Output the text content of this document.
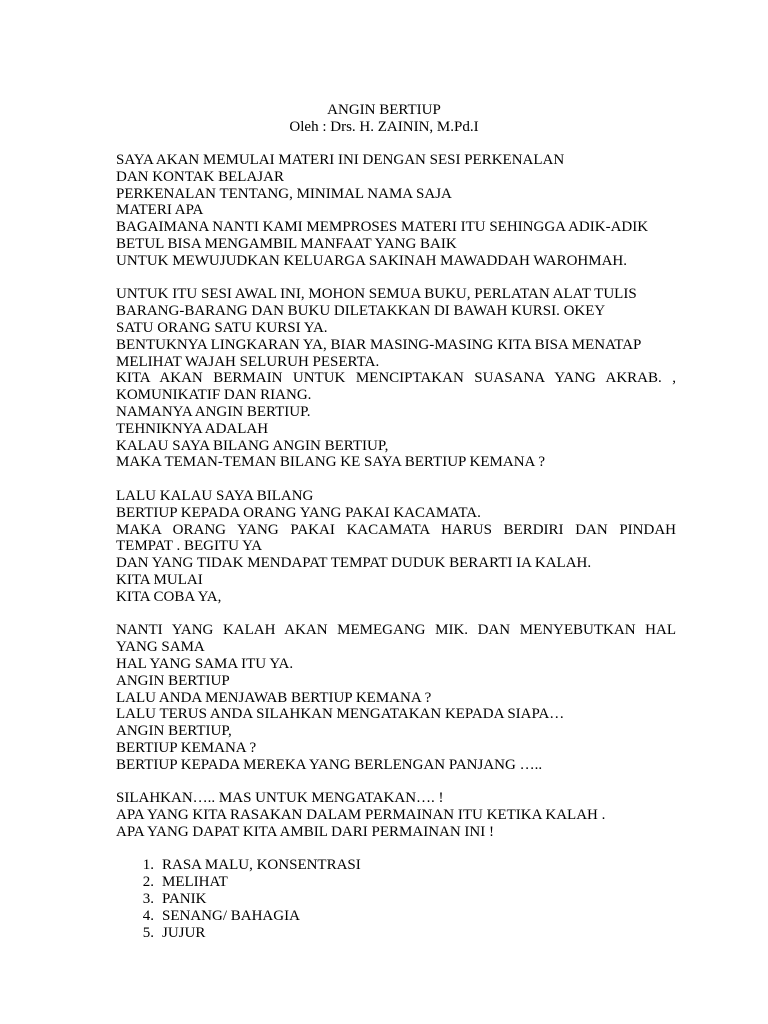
ANGIN BERTIUP
Oleh : Drs. H. ZAININ, M.Pd.I
SAYA AKAN MEMULAI MATERI INI DENGAN SESI PERKENALAN
DAN KONTAK BELAJAR
PERKENALAN TENTANG, MINIMAL NAMA SAJA
MATERI APA
BAGAIMANA NANTI KAMI MEMPROSES MATERI ITU SEHINGGA ADIK-ADIK
BETUL BISA MENGAMBIL MANFAAT YANG BAIK
UNTUK MEWUJUDKAN KELUARGA SAKINAH MAWADDAH WAROHMAH.
UNTUK ITU SESI AWAL INI, MOHON SEMUA BUKU, PERLATAN ALAT TULIS
BARANG-BARANG DAN BUKU DILETAKKAN DI BAWAH KURSI. OKEY
SATU ORANG SATU KURSI YA.
BENTUKNYA LINGKARAN YA, BIAR MASING-MASING KITA BISA MENATAP
MELIHAT WAJAH SELURUH PESERTA.
KITA AKAN BERMAIN UNTUK MENCIPTAKAN SUASANA YANG AKRAB. ,
KOMUNIKATIF DAN RIANG.
NAMANYA ANGIN BERTIUP.
TEHNIKNYA ADALAH
KALAU SAYA BILANG ANGIN BERTIUP,
MAKA TEMAN-TEMAN BILANG KE SAYA BERTIUP KEMANA ?
LALU KALAU SAYA BILANG
BERTIUP KEPADA ORANG YANG PAKAI KACAMATA.
MAKA ORANG YANG PAKAI KACAMATA HARUS BERDIRI DAN PINDAH
TEMPAT . BEGITU YA
DAN YANG TIDAK MENDAPAT TEMPAT DUDUK BERARTI IA KALAH.
KITA MULAI
KITA COBA YA,
NANTI YANG KALAH AKAN MEMEGANG MIK. DAN MENYEBUTKAN HAL
YANG SAMA
HAL YANG SAMA ITU YA.
ANGIN BERTIUP
LALU ANDA MENJAWAB BERTIUP KEMANA ?
LALU TERUS ANDA SILAHKAN MENGATAKAN KEPADA SIAPA…
ANGIN BERTIUP,
BERTIUP KEMANA ?
BERTIUP KEPADA MEREKA YANG BERLENGAN PANJANG …..
SILAHKAN….. MAS UNTUK MENGATAKAN…. !
APA YANG KITA RASAKAN DALAM PERMAINAN ITU KETIKA KALAH .
APA YANG DAPAT KITA AMBIL DARI PERMAINAN INI !
1. RASA MALU, KONSENTRASI
2. MELIHAT
3. PANIK
4. SENANG/ BAHAGIA
5. JUJUR
